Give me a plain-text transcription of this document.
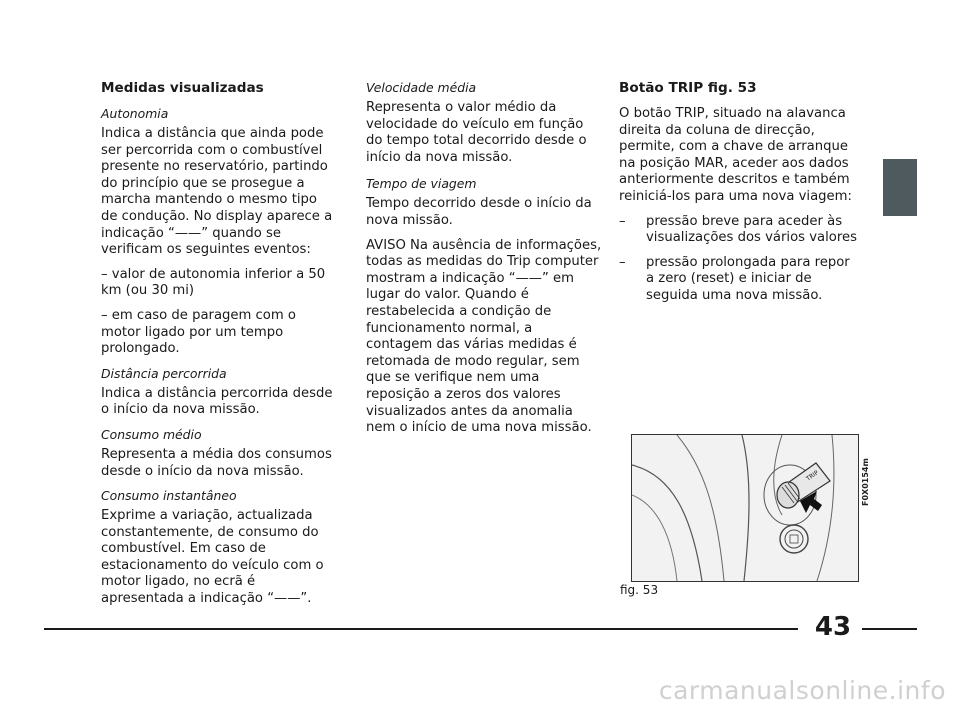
Medidas visualizadas
Autonomia

Indica a distância que ainda pode ser percorrida com o combustível presente no reservatório, partindo do princípio que se prosegue a marcha mantendo o mesmo tipo de condução. No display aparece a indicação “——” quando se verificam os seguintes eventos:

– valor de autonomia inferior a 50 km (ou 30 mi)

– em caso de paragem com o motor ligado por um tempo prolongado.

Distância percorrida

Indica a distância percorrida desde o início da nova missão.

Consumo médio

Representa a média dos consumos desde o início da nova missão.

Consumo instantâneo

Exprime a variação, actualizada constantemente, de consumo do combustível. Em caso de estacionamento do veículo com o motor ligado, no ecrã é apresentada a indicação “——”.

Velocidade média

Representa o valor médio da velocidade do veículo em função do tempo total decorrido desde o início da nova missão.

Tempo de viagem

Tempo decorrido desde o início da nova missão.

AVISO Na ausência de informações, todas as medidas do Trip computer mostram a indicação “——” em lugar do valor. Quando é restabelecida a condição de funcionamento normal, a contagem das várias medidas é retomada de modo regular, sem que se verifique nem uma reposição a zeros dos valores visualizados antes da anomalia nem o início de uma nova missão.

Botão TRIP fig. 53

O botão TRIP, situado na alavanca direita da coluna de direcção, permite, com a chave de arranque na posição MAR, aceder aos dados anteriormente descritos e também reiniciá-los para uma nova viagem:

– pressão breve para aceder às visualizações dos vários valores
– pressão prolongada para repor a zero (reset) e iniciar de seguida uma nova missão.
TRIP	F0X0154m
fig. 53
43
carmanualsonline.info
